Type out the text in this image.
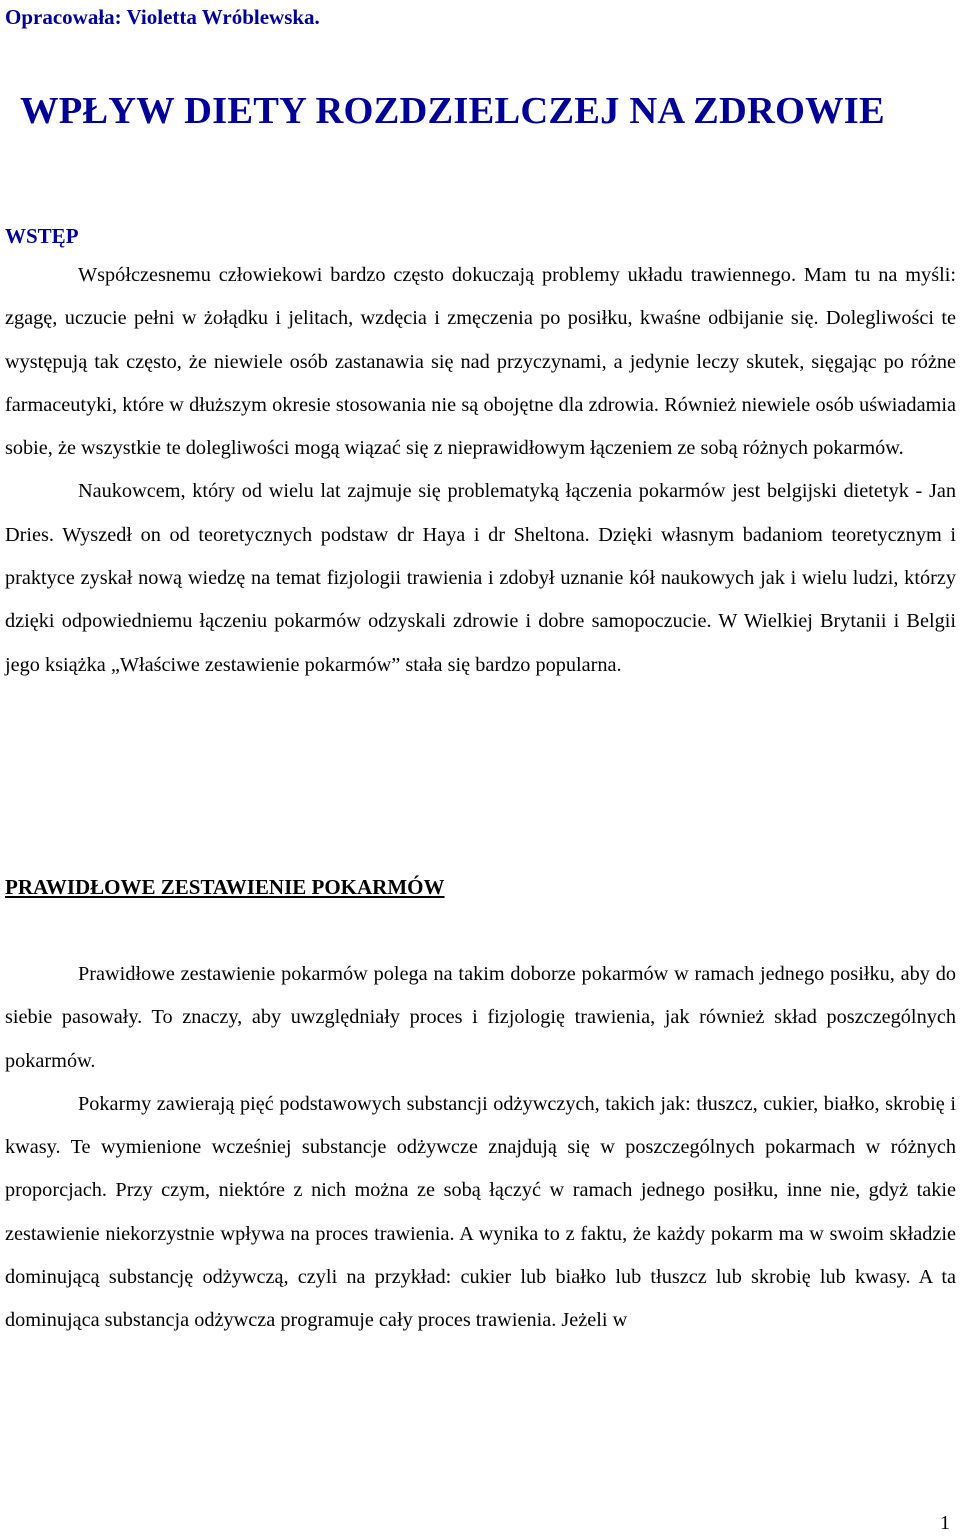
Opracowała: Violetta Wróblewska.

WPŁYW DIETY ROZDZIELCZEJ NA ZDROWIE
WSTĘP

Współczesnemu człowiekowi bardzo często dokuczają problemy układu trawiennego. Mam tu na myśli: zgagę, uczucie pełni w żołądku i jelitach, wzdęcia i zmęczenia po posiłku, kwaśne odbijanie się. Dolegliwości te występują tak często, że niewiele osób zastanawia się nad przyczynami, a jedynie leczy skutek, sięgając po różne farmaceutyki, które w dłuższym okresie stosowania nie są obojętne dla zdrowia. Również niewiele osób uświadamia sobie, że wszystkie te dolegliwości mogą wiązać się z nieprawidłowym łączeniem ze sobą różnych pokarmów.

Naukowcem, który od wielu lat zajmuje się problematyką łączenia pokarmów jest belgijski dietetyk - Jan Dries. Wyszedł on od teoretycznych podstaw dr Haya i dr Sheltona. Dzięki własnym badaniom teoretycznym i praktyce zyskał nową wiedzę na temat fizjologii trawienia i zdobył uznanie kół naukowych jak i wielu ludzi, którzy dzięki odpowiedniemu łączeniu pokarmów odzyskali zdrowie i dobre samopoczucie. W Wielkiej Brytanii i Belgii jego książka „Właściwe zestawienie pokarmów” stała się bardzo popularna.

PRAWIDŁOWE ZESTAWIENIE POKARMÓW

Prawidłowe zestawienie pokarmów polega na takim doborze pokarmów w ramach jednego posiłku, aby do siebie pasowały. To znaczy, aby uwzględniały proces i fizjologię trawienia, jak również skład poszczególnych pokarmów.

Pokarmy zawierają pięć podstawowych substancji odżywczych, takich jak: tłuszcz, cukier, białko, skrobię i kwasy. Te wymienione wcześniej substancje odżywcze znajdują się w poszczególnych pokarmach w różnych proporcjach. Przy czym, niektóre z nich można ze sobą łączyć w ramach jednego posiłku, inne nie, gdyż takie zestawienie niekorzystnie wpływa na proces trawienia. A wynika to z faktu, że każdy pokarm ma w swoim składzie dominującą substancję odżywczą, czyli na przykład: cukier lub białko lub tłuszcz lub skrobię lub kwasy. A ta dominująca substancja odżywcza programuje cały proces trawienia. Jeżeli w

1
